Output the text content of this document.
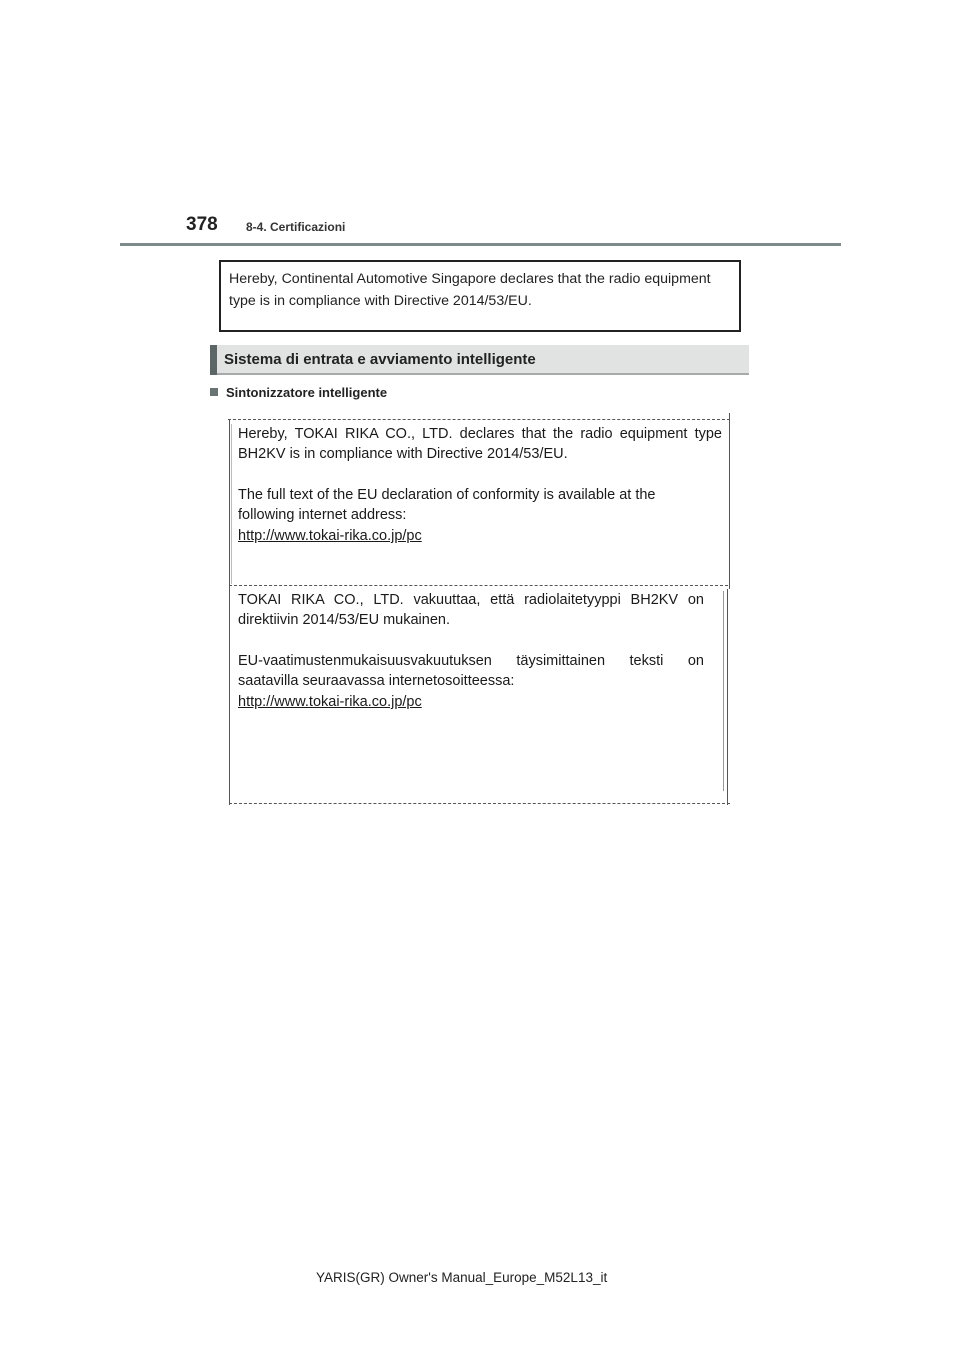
378 8-4. Certificazioni

Hereby, Continental Automotive Singapore declares that the radio equipment type is in compliance with Directive 2014/53/EU.

Sistema di entrata e avviamento intelligente
Sintonizzatore intelligente
Hereby, TOKAI RIKA CO., LTD. declares that the radio equipment type
BH2KV is in compliance with Directive 2014/53/EU.
The full text of the EU declaration of conformity is available at the
following internet address:
http://www.tokai-rika.co.jp/pc
TOKAI RIKA CO., LTD. vakuuttaa, että radiolaitetyyppi BH2KV on
direktiivin 2014/53/EU mukainen.
EU-vaatimustenmukaisuusvakuutuksen täysimittainen teksti on
saatavilla seuraavassa internetosoitteessa:
http://www.tokai-rika.co.jp/pc
YARIS(GR) Owner's Manual_Europe_M52L13_it
